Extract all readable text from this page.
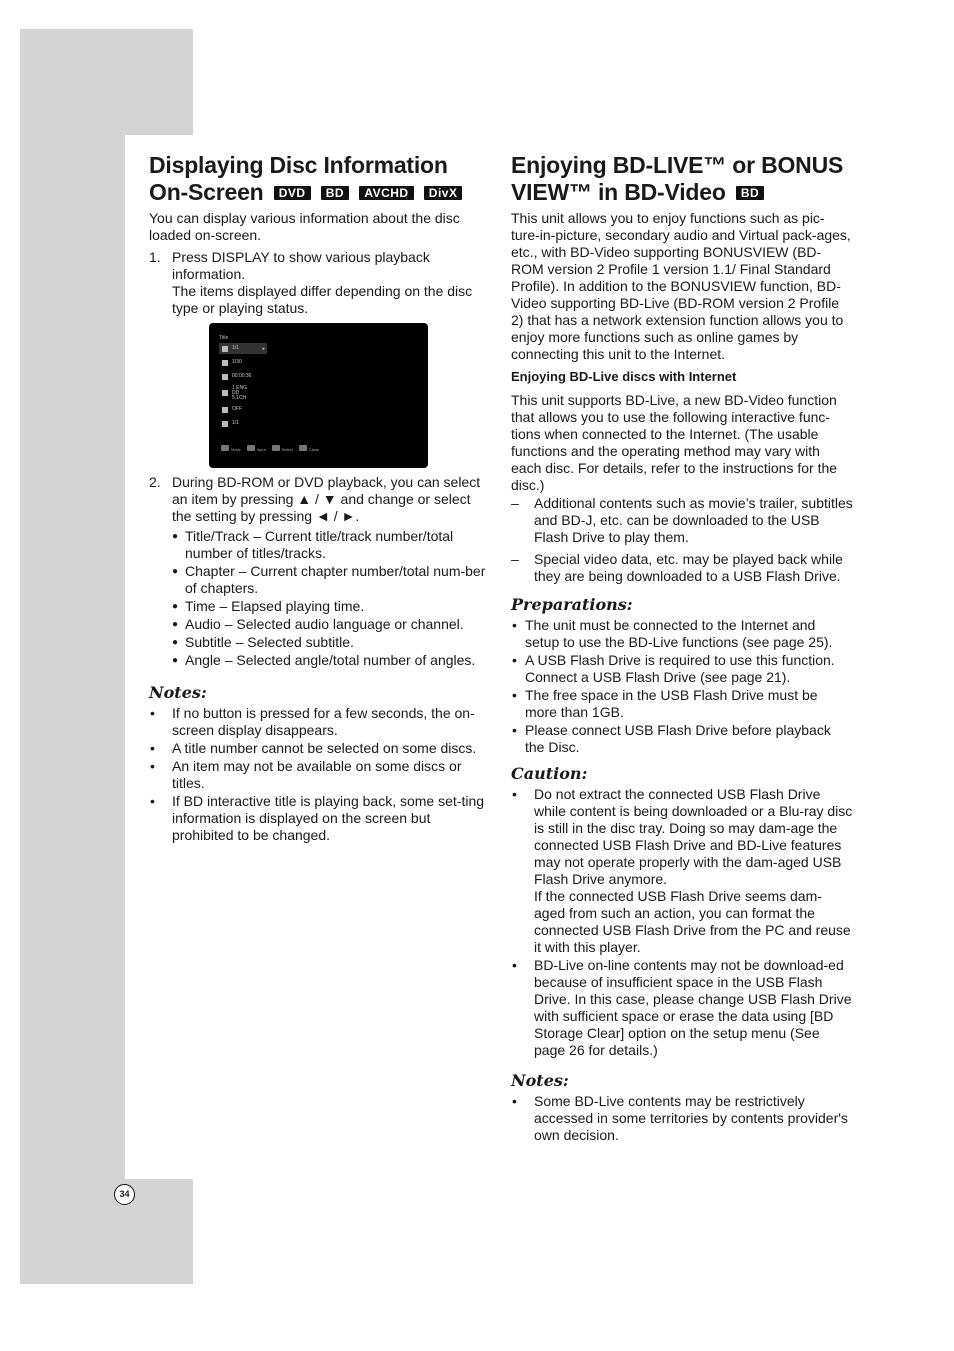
Displaying Disc Information
On-Screen DVD BD AVCHD DivX

You can display various information about the disc loaded on-screen.

1. Press DISPLAY to show various playback information.
The items displayed differ depending on the disc type or playing status.
Title
1/1	▸
1/30
00:00:36
1 ENG DD 5.1CH
OFF
1/1
Move	Input	Select	Close
2. During BD-ROM or DVD playback, you can select an item by pressing ▲ / ▼ and change or select the setting by pressing ◄ / ►.
● Title/Track – Current title/track number/total number of titles/tracks.
● Chapter – Current chapter number/total num-ber of chapters.
● Time – Elapsed playing time.
● Audio – Selected audio language or channel.
● Subtitle – Selected subtitle.
● Angle – Selected angle/total number of angles.
Notes:
• If no button is pressed for a few seconds, the on-screen display disappears.
• A title number cannot be selected on some discs.
• An item may not be available on some discs or titles.
• If BD interactive title is playing back, some set-ting information is displayed on the screen but prohibited to be changed.
Enjoying BD-LIVE™ or BONUS
VIEW™ in BD-Video BD

This unit allows you to enjoy functions such as pic-ture-in-picture, secondary audio and Virtual pack-ages, etc., with BD-Video supporting BONUSVIEW (BD-ROM version 2 Profile 1 version 1.1/ Final Standard Profile). In addition to the BONUSVIEW function, BD-Video supporting BD-Live (BD-ROM version 2 Profile 2) that has a network extension function allows you to enjoy more functions such as online games by connecting this unit to the Internet.

Enjoying BD-Live discs with Internet

This unit supports BD-Live, a new BD-Video function that allows you to use the following interactive func-tions when connected to the Internet. (The usable functions and the operating method may vary with each disc. For details, refer to the instructions for the disc.)

– Additional contents such as movie’s trailer, subtitles and BD-J, etc. can be downloaded to the USB Flash Drive to play them.
– Special video data, etc. may be played back while they are being downloaded to a USB Flash Drive.
Preparations:
• The unit must be connected to the Internet and setup to use the BD-Live functions (see page 25).
• A USB Flash Drive is required to use this function. Connect a USB Flash Drive (see page 21).
• The free space in the USB Flash Drive must be more than 1GB.
• Please connect USB Flash Drive before playback the Disc.
Caution:
• Do not extract the connected USB Flash Drive while content is being downloaded or a Blu-ray disc is still in the disc tray. Doing so may dam-age the connected USB Flash Drive and BD-Live features may not operate properly with the dam-aged USB Flash Drive anymore.
If the connected USB Flash Drive seems dam-aged from such an action, you can format the connected USB Flash Drive from the PC and reuse it with this player.
• BD-Live on-line contents may not be download-ed because of insufficient space in the USB Flash Drive. In this case, please change USB Flash Drive with sufficient space or erase the data using [BD Storage Clear] option on the setup menu (See page 26 for details.)
Notes:
• Some BD-Live contents may be restrictively accessed in some territories by contents provider's own decision.
34
